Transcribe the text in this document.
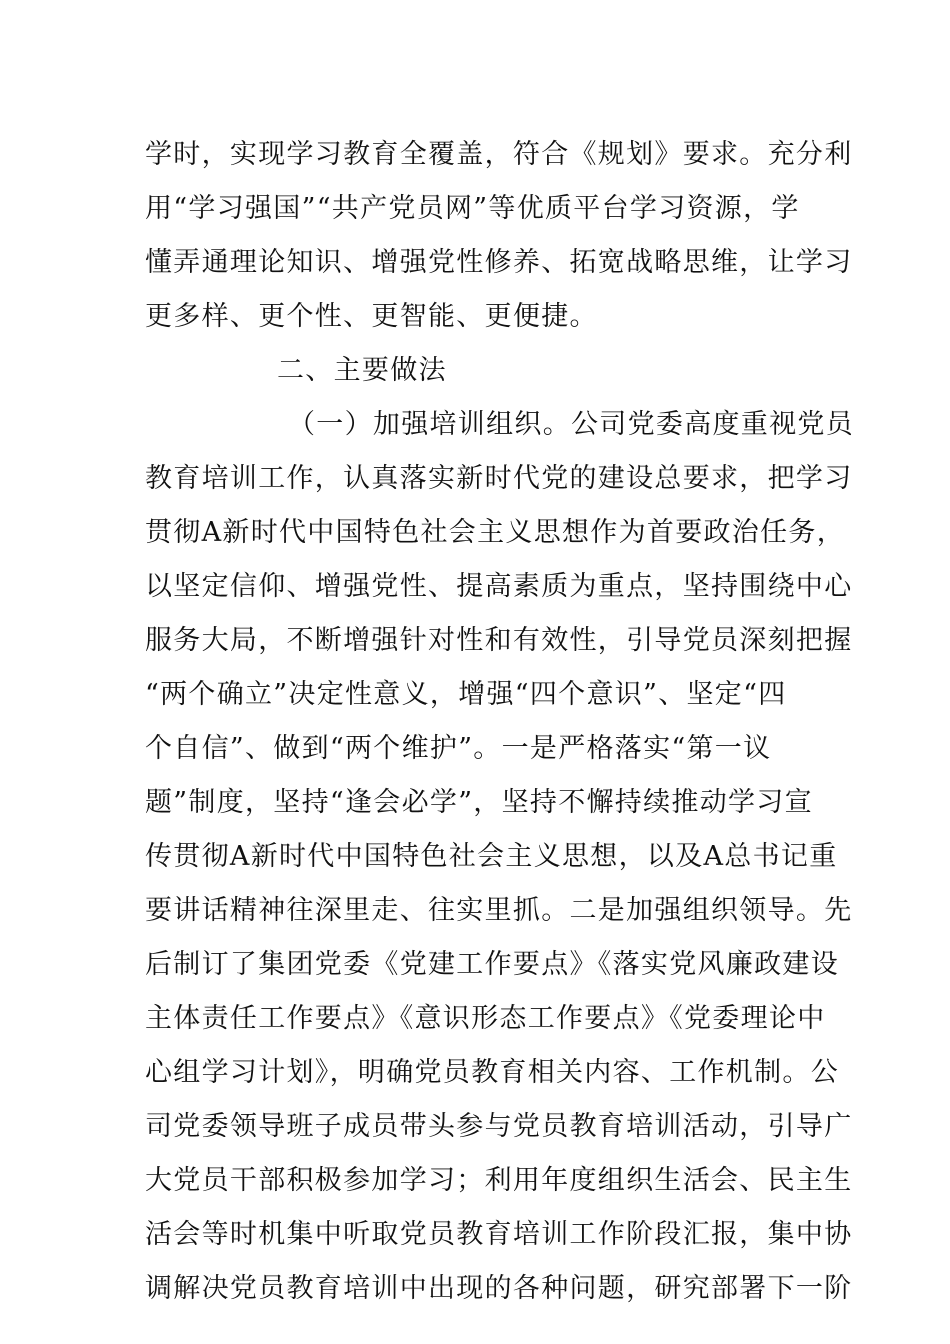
学时，实现学习教育全覆盖，符合《规划》要求。充分利
用“学习强国”“共产党员网”等优质平台学习资源，学
懂弄通理论知识、增强党性修养、拓宽战略思维，让学习
更多样、更个性、更智能、更便捷。
二、主要做法
（一）加强培训组织。公司党委高度重视党员
教育培训工作，认真落实新时代党的建设总要求，把学习
贯彻A新时代中国特色社会主义思想作为首要政治任务，
以坚定信仰、增强党性、提高素质为重点，坚持围绕中心
服务大局，不断增强针对性和有效性，引导党员深刻把握
“两个确立”决定性意义，增强“四个意识”、坚定“四
个自信”、做到“两个维护”。一是严格落实“第一议
题”制度，坚持“逢会必学”，坚持不懈持续推动学习宣
传贯彻A新时代中国特色社会主义思想，以及A总书记重
要讲话精神往深里走、往实里抓。二是加强组织领导。先
后制订了集团党委《党建工作要点》《落实党风廉政建设
主体责任工作要点》《意识形态工作要点》《党委理论中
心组学习计划》，明确党员教育相关内容、工作机制。公
司党委领导班子成员带头参与党员教育培训活动，引导广
大党员干部积极参加学习；利用年度组织生活会、民主生
活会等时机集中听取党员教育培训工作阶段汇报，集中协
调解决党员教育培训中出现的各种问题，研究部署下一阶
